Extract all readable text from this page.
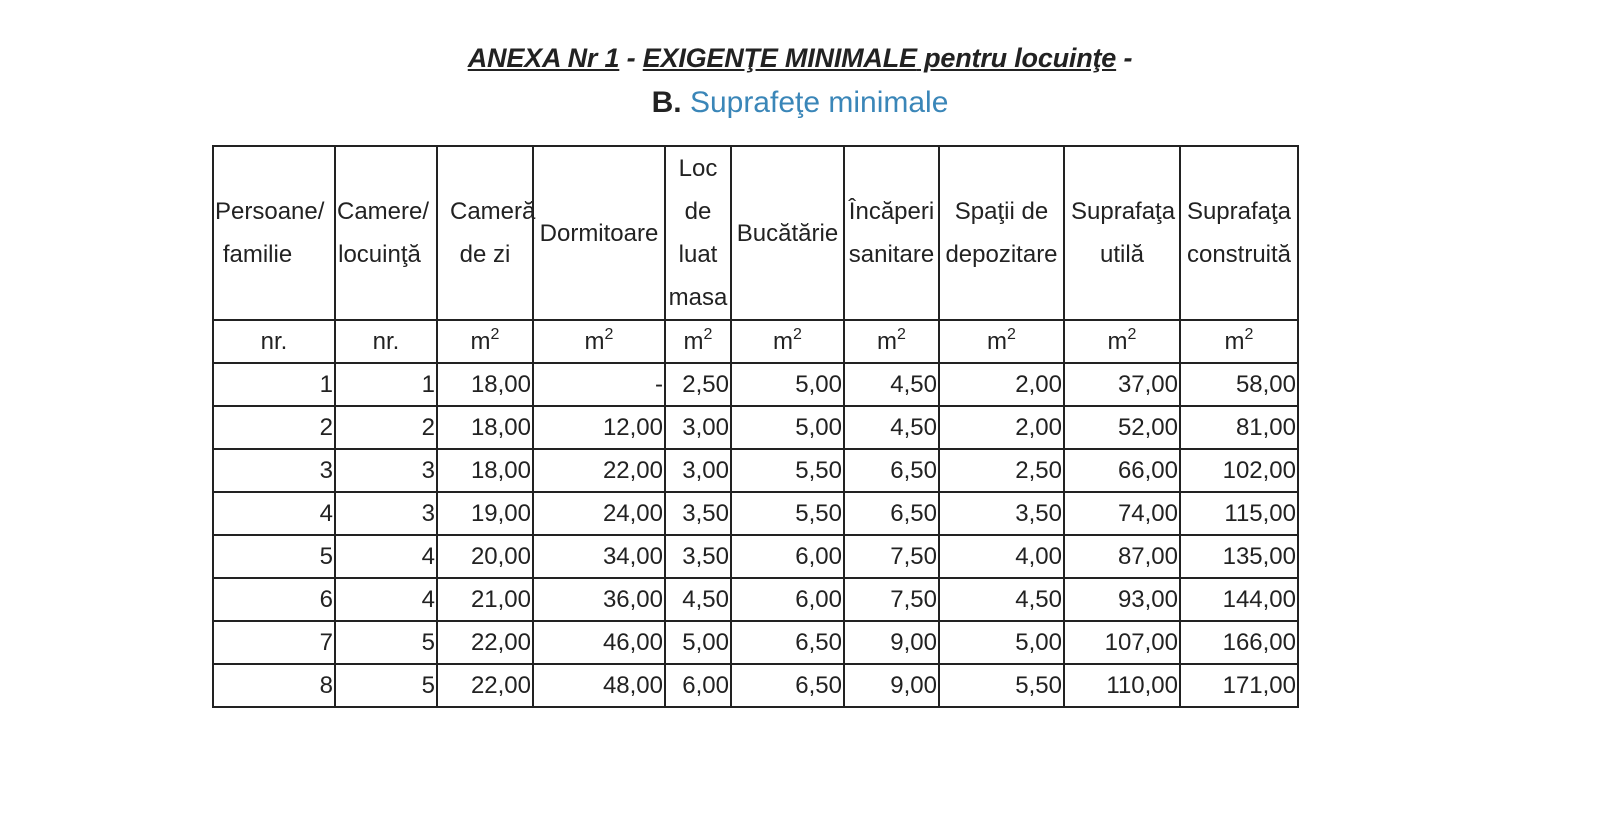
ANEXA Nr 1 - EXIGENŢE MINIMALE pentru locuinţe -
B. Suprafeţe minimale
Persoane/ familie	Camere/ locuinţă	Cameră de zi	Dormitoare	Loc de luat masa	Bucătărie	Încăperi sanitare	Spaţii de depozitare	Suprafaţa utilă	Suprafaţa construită
nr.	nr.	$m^2$	$m^2$	$m^2$	$m^2$	$m^2$	$m^2$	$m^2$	$m^2$
1	1	18,00	-	2,50	5,00	4,50	2,00	37,00	58,00
2	2	18,00	12,00	3,00	5,00	4,50	2,00	52,00	81,00
3	3	18,00	22,00	3,00	5,50	6,50	2,50	66,00	102,00
4	3	19,00	24,00	3,50	5,50	6,50	3,50	74,00	115,00
5	4	20,00	34,00	3,50	6,00	7,50	4,00	87,00	135,00
6	4	21,00	36,00	4,50	6,00	7,50	4,50	93,00	144,00
7	5	22,00	46,00	5,00	6,50	9,00	5,00	107,00	166,00
8	5	22,00	48,00	6,00	6,50	9,00	5,50	110,00	171,00
